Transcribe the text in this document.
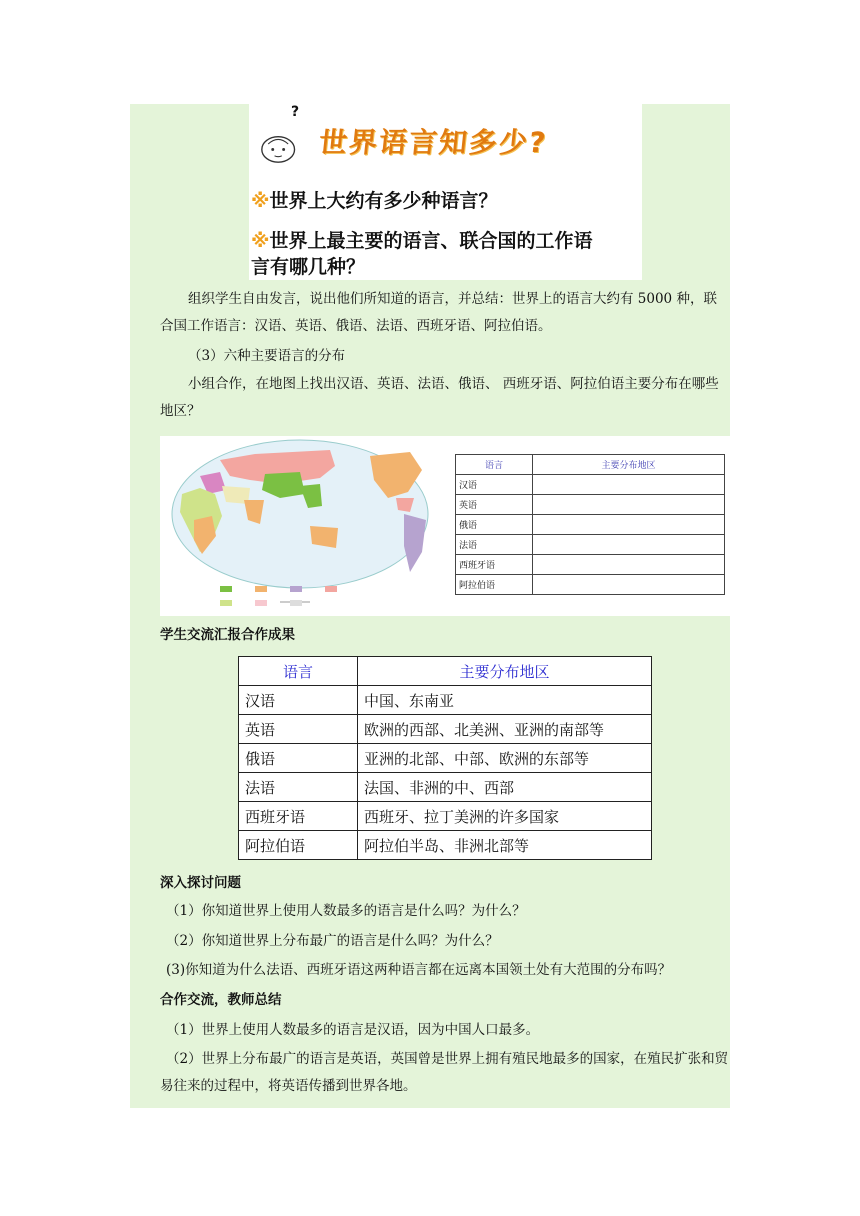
?
世界语言知多少?
※世界上大约有多少种语言？
※世界上最主要的语言、联合国的工作语
言有哪几种？
组织学生自由发言，说出他们所知道的语言，并总结：世界上的语言大约有 5000 种，联合国工作语言：汉语、英语、俄语、法语、西班牙语、阿拉伯语。
（3）六种主要语言的分布
小组合作，在地图上找出汉语、英语、法语、俄语、 西班牙语、阿拉伯语主要分布在哪些地区？
语言	主要分布地区
汉语	
英语	
俄语	
法语	
西班牙语	
阿拉伯语	
学生交流汇报合作成果
语言	主要分布地区
汉语	中国、东南亚
英语	欧洲的西部、北美洲、亚洲的南部等
俄语	亚洲的北部、中部、欧洲的东部等
法语	法国、非洲的中、西部
西班牙语	西班牙、拉丁美洲的许多国家
阿拉伯语	阿拉伯半岛、非洲北部等
深入探讨问题
（1）你知道世界上使用人数最多的语言是什么吗？为什么？
（2）你知道世界上分布最广的语言是什么吗？为什么？
(3)你知道为什么法语、西班牙语这两种语言都在远离本国领土处有大范围的分布吗？
合作交流，教师总结
（1）世界上使用人数最多的语言是汉语，因为中国人口最多。
（2）世界上分布最广的语言是英语，英国曾是世界上拥有殖民地最多的国家，在殖民扩张和贸易往来的过程中，将英语传播到世界各地。
